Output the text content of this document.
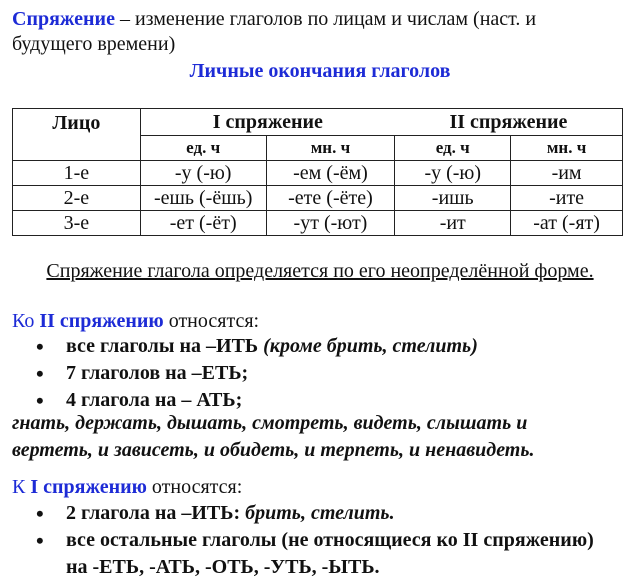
Спряжение – изменение глаголов по лицам и числам (наст. и
будущего времени)
Личные окончания глаголов
Лицо	I спряжение		II спряжение	
	ед. ч	мн. ч	ед. ч	мн. ч
1-е	-у (-ю)	-ем (-ём)	-у (-ю)	-им
2-е	-ешь (-ёшь)	-ете (-ёте)	-ишь	-ите
3-е	-ет (-ёт)	-ут (-ют)	-ит	-ат (-ят)
Спряжение глагола определяется по его неопределённой форме.
Ко II спряжению относятся:
• все глаголы на –ИТЬ (кроме брить, стелить)
• 7 глаголов на –ЕТЬ;
• 4 глагола на – АТЬ;
гнать, держать, дышать, смотреть, видеть, слышать и
вертеть, и зависеть, и обидеть, и терпеть, и ненавидеть.
К I спряжению относятся:
• 2 глагола на –ИТЬ: брить, стелить.
• все остальные глаголы (не относящиеся ко II спряжению)
на -ЕТЬ, -АТЬ, -ОТЬ, -УТЬ, -ЫТЬ.
